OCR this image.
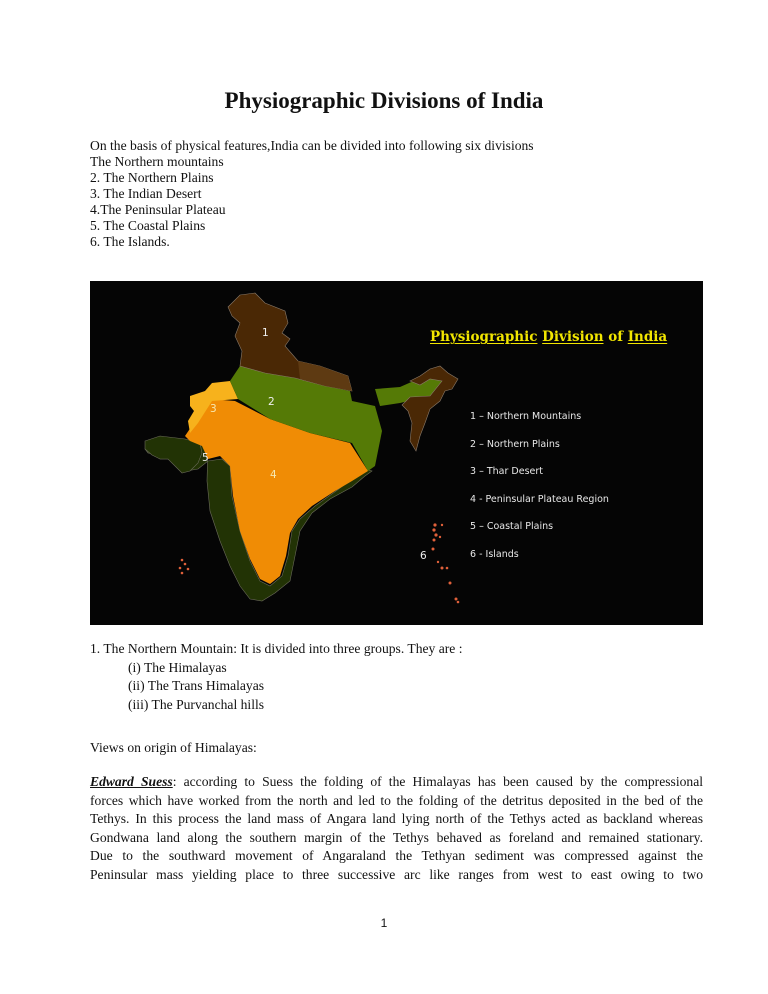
Physiographic Divisions of India
On the basis of physical features,India can be divided into following six divisions
The Northern mountains
2. The Northern Plains
3. The Indian Desert
4.The Peninsular Plateau
5. The Coastal Plains
6. The Islands.
1
2
3
4
5
6
Physiographic Division of India
1 – Northern Mountains
2 – Northern Plains
3 – Thar Desert
4 - Peninsular Plateau Region
5 – Coastal Plains
6 - Islands
1. The Northern Mountain: It is divided into three groups. They are :
(i) The Himalayas
(ii) The Trans Himalayas
(iii) The Purvanchal hills
Views on origin of Himalayas:
Edward Suess: according to Suess the folding of the Himalayas has been caused by the compressional
forces which have worked from the north and led to the folding of the detritus deposited in the bed of the
Tethys. In this process the land mass of Angara land lying north of the Tethys acted as backland whereas
Gondwana land along the southern margin of the Tethys behaved as foreland and remained stationary.
Due to the southward movement of Angaraland the Tethyan sediment was compressed against the
Peninsular mass yielding place to three successive arc like ranges from west to east owing to two
1
